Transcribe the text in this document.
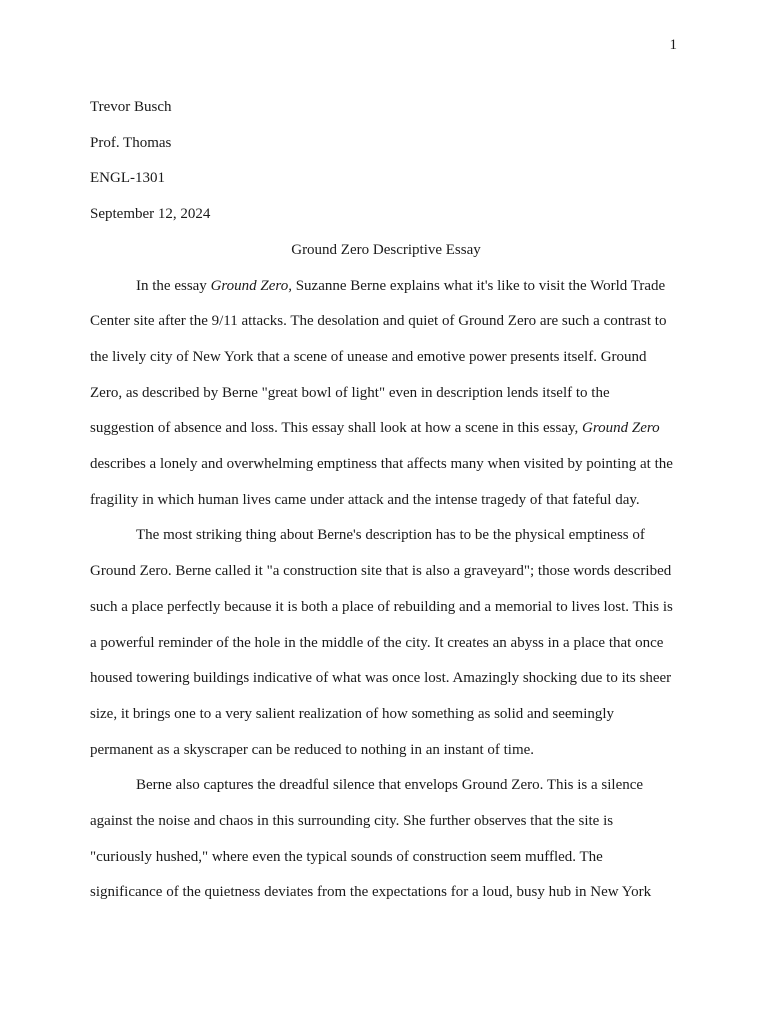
1

Trevor Busch

Prof. Thomas

ENGL-1301

September 12, 2024

Ground Zero Descriptive Essay

In the essay Ground Zero, Suzanne Berne explains what it's like to visit the World Trade

Center site after the 9/11 attacks. The desolation and quiet of Ground Zero are such a contrast to

the lively city of New York that a scene of unease and emotive power presents itself. Ground

Zero, as described by Berne "great bowl of light" even in description lends itself to the

suggestion of absence and loss. This essay shall look at how a scene in this essay, Ground Zero

describes a lonely and overwhelming emptiness that affects many when visited by pointing at the

fragility in which human lives came under attack and the intense tragedy of that fateful day.

The most striking thing about Berne's description has to be the physical emptiness of

Ground Zero. Berne called it "a construction site that is also a graveyard"; those words described

such a place perfectly because it is both a place of rebuilding and a memorial to lives lost. This is

a powerful reminder of the hole in the middle of the city. It creates an abyss in a place that once

housed towering buildings indicative of what was once lost. Amazingly shocking due to its sheer

size, it brings one to a very salient realization of how something as solid and seemingly

permanent as a skyscraper can be reduced to nothing in an instant of time.

Berne also captures the dreadful silence that envelops Ground Zero. This is a silence

against the noise and chaos in this surrounding city. She further observes that the site is

"curiously hushed," where even the typical sounds of construction seem muffled. The

significance of the quietness deviates from the expectations for a loud, busy hub in New York
